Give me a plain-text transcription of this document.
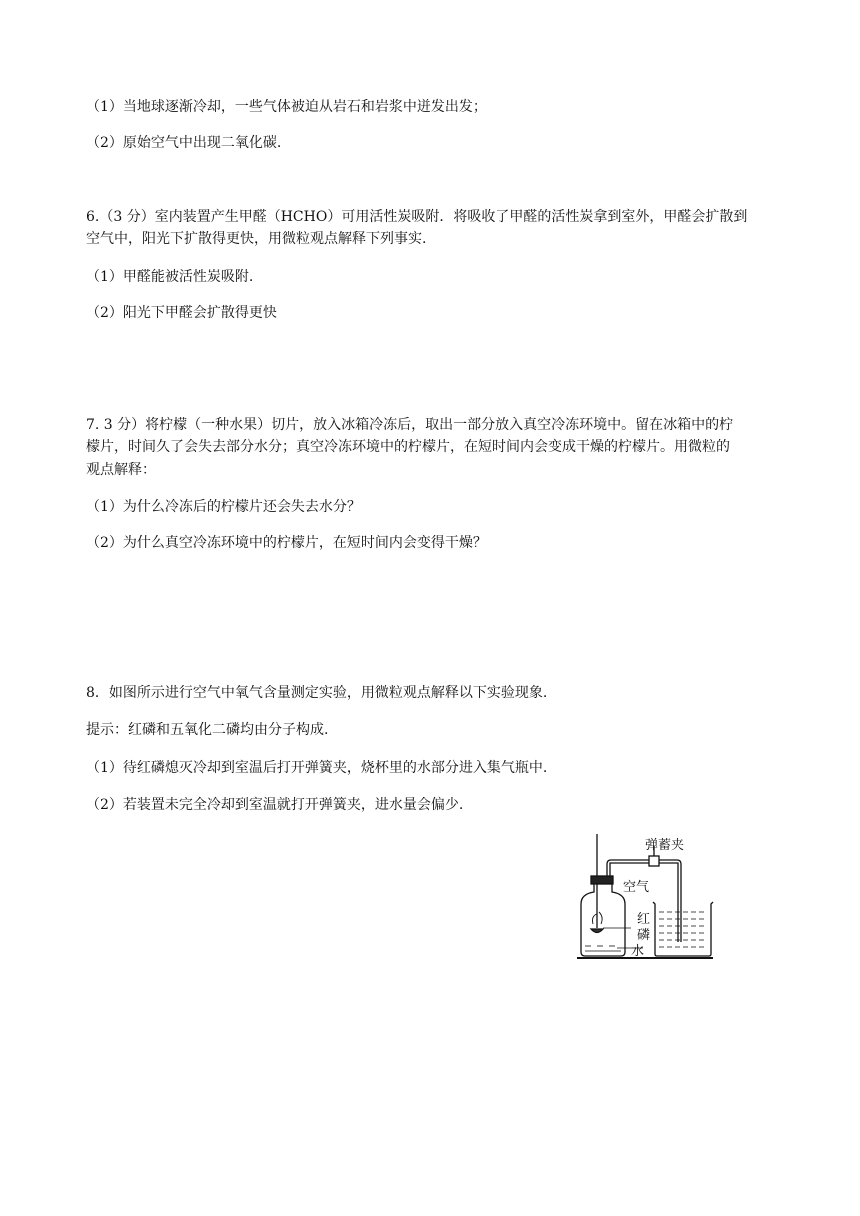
（1）当地球逐渐冷却，一些气体被迫从岩石和岩浆中迸发出发；
（2）原始空气中出现二氧化碳.
6.（3 分）室内装置产生甲醛（HCHO）可用活性炭吸附．将吸收了甲醛的活性炭拿到室外，甲醛会扩散到
空气中，阳光下扩散得更快，用微粒观点解释下列事实.
（1）甲醛能被活性炭吸附.
（2）阳光下甲醛会扩散得更快
7. 3 分）将柠檬（一种水果）切片，放入冰箱冷冻后，取出一部分放入真空冷冻环境中。留在冰箱中的柠
檬片，时间久了会失去部分水分；真空冷冻环境中的柠檬片，在短时间内会变成干燥的柠檬片。用微粒的
观点解释：
（1）为什么冷冻后的柠檬片还会失去水分？
（2）为什么真空冷冻环境中的柠檬片，在短时间内会变得干燥？
8．如图所示进行空气中氧气含量测定实验，用微粒观点解释以下实验现象.
提示：红磷和五氧化二磷均由分子构成.
（1）待红磷熄灭冷却到室温后打开弹簧夹，烧杯里的水部分进入集气瓶中.
（2）若装置未完全冷却到室温就打开弹簧夹，进水量会偏少.
弹蓄夹
空气
红
磷
水
